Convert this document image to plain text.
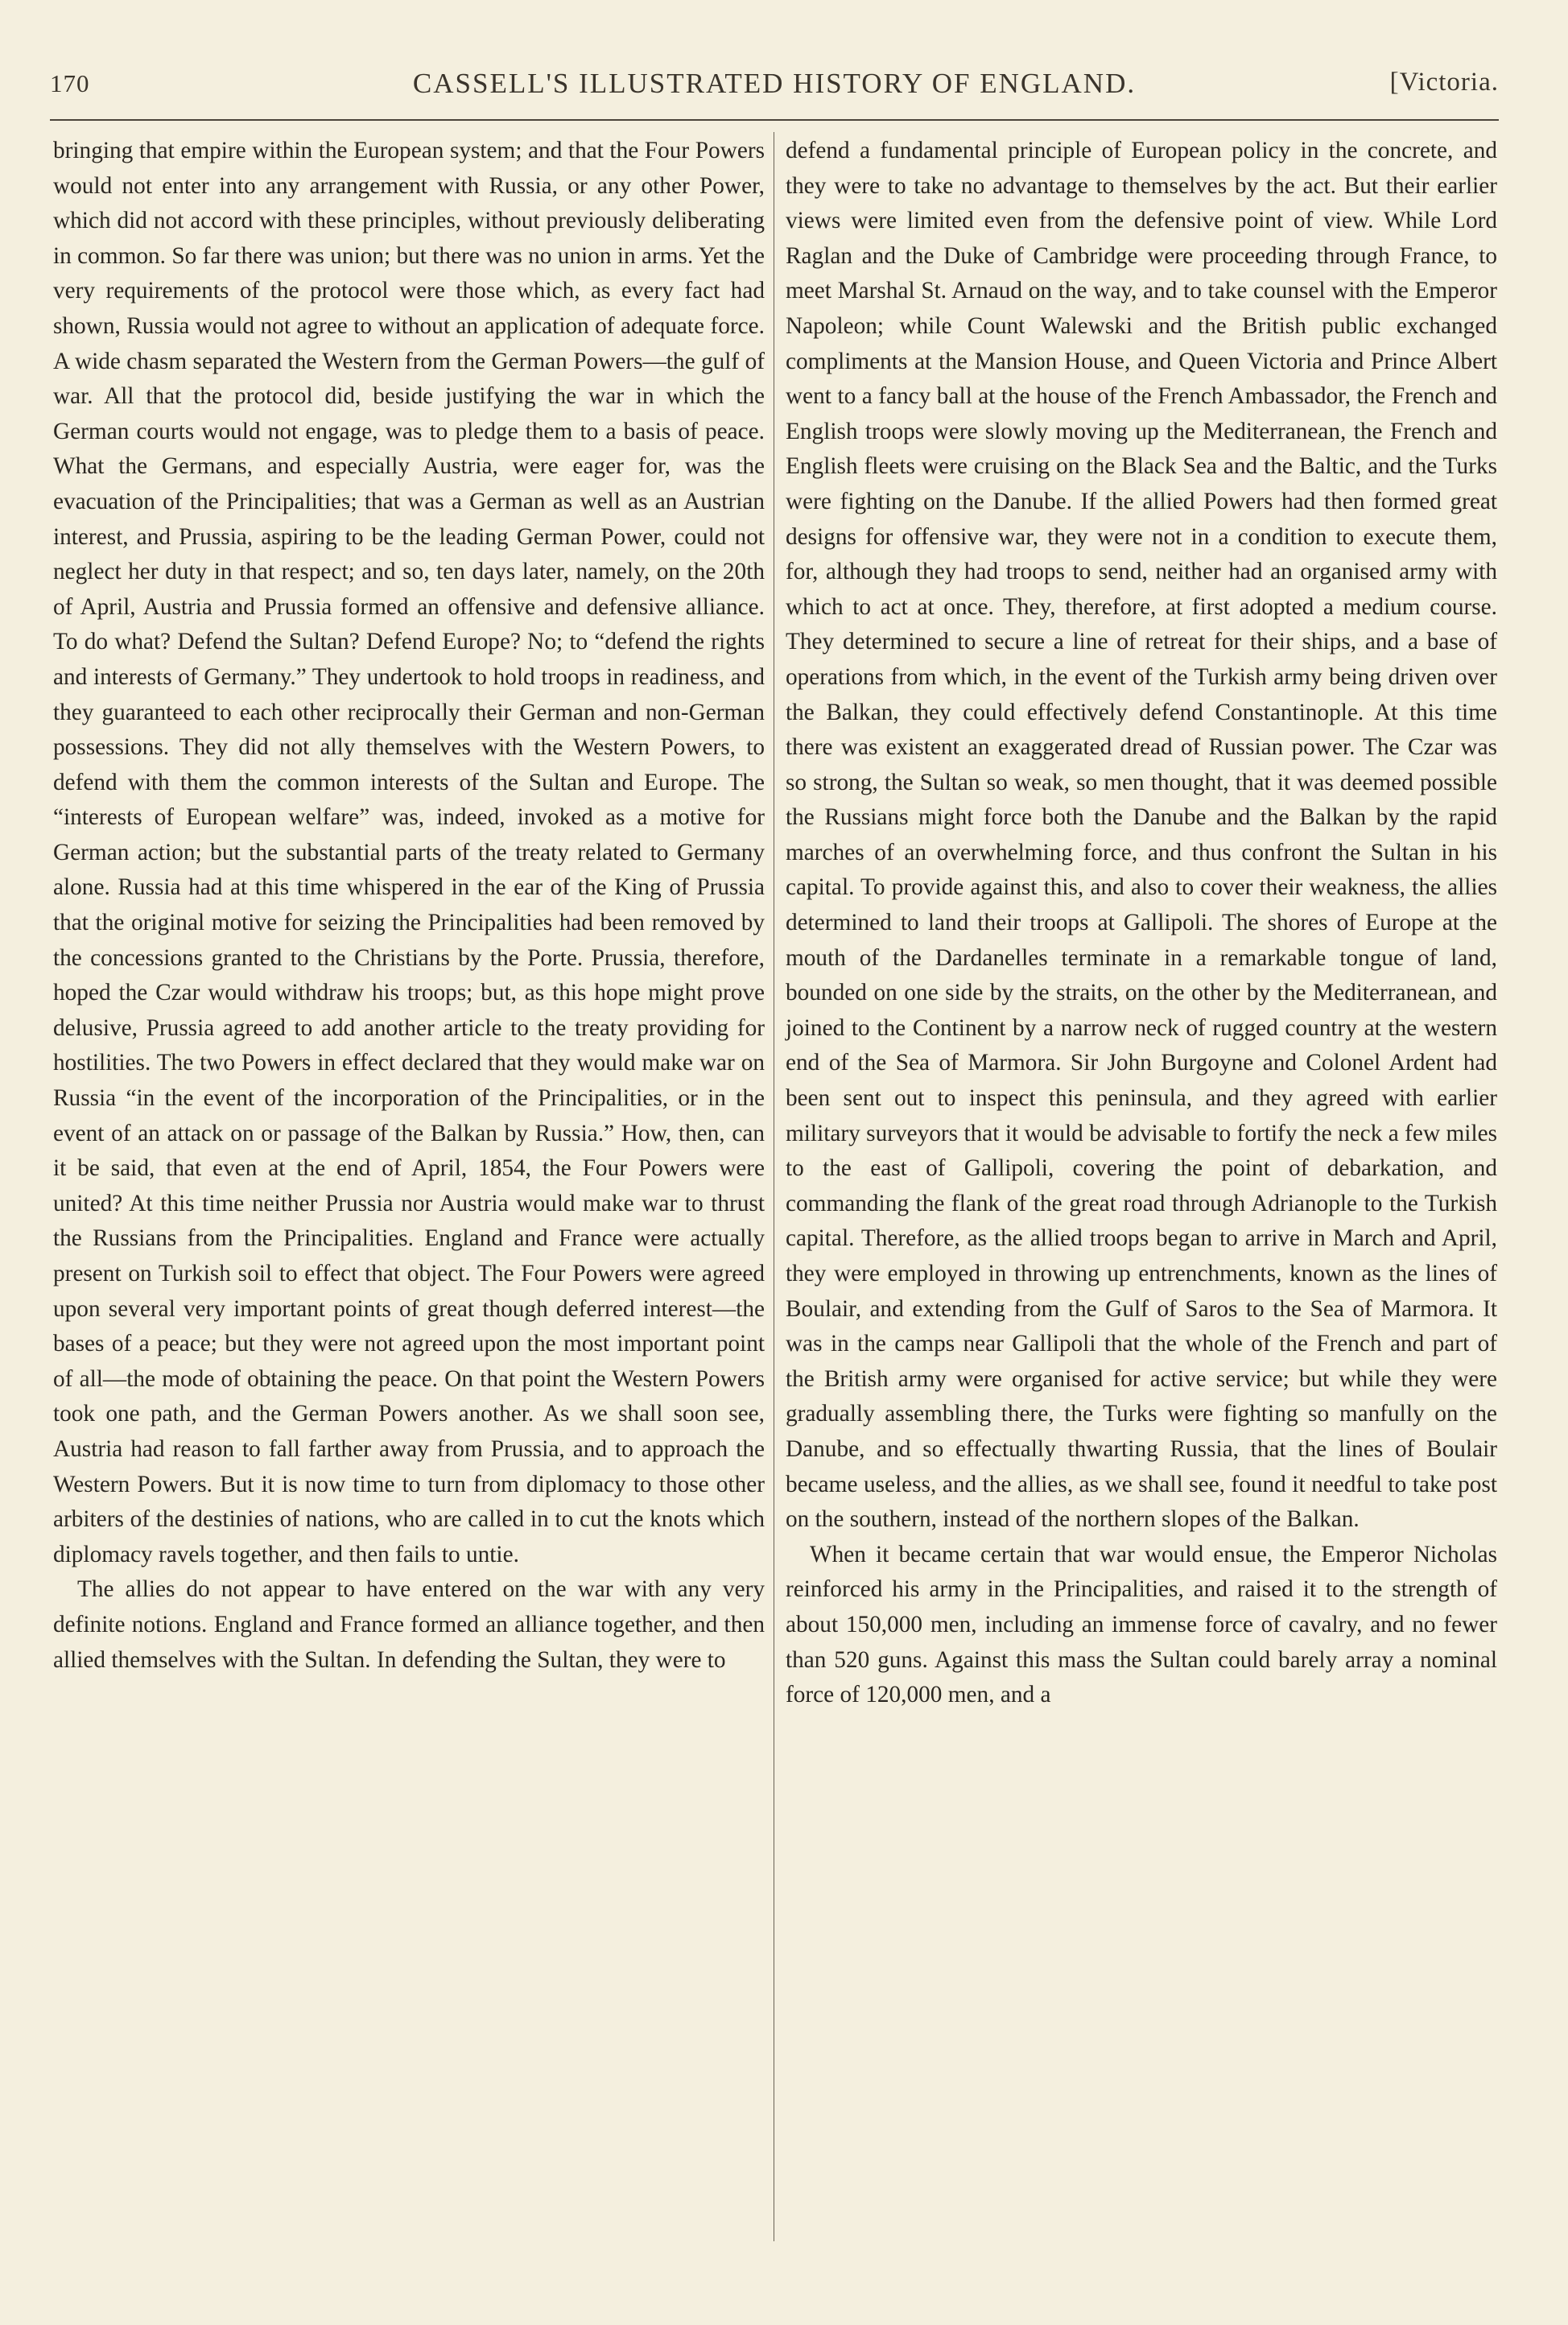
170	CASSELL'S ILLUSTRATED HISTORY OF ENGLAND.	[Victoria.

bringing that empire within the European system; and that the Four Powers would not enter into any arrangement with Russia, or any other Power, which did not accord with these principles, without previously deliberating in common. So far there was union; but there was no union in arms. Yet the very requirements of the protocol were those which, as every fact had shown, Russia would not agree to without an application of adequate force. A wide chasm separated the Western from the German Powers—the gulf of war. All that the protocol did, beside justifying the war in which the German courts would not engage, was to pledge them to a basis of peace. What the Germans, and especially Austria, were eager for, was the evacuation of the Principalities; that was a German as well as an Austrian interest, and Prussia, aspiring to be the leading German Power, could not neglect her duty in that respect; and so, ten days later, namely, on the 20th of April, Austria and Prussia formed an offensive and defensive alliance. To do what? Defend the Sultan? Defend Europe? No; to “defend the rights and interests of Germany.” They undertook to hold troops in readiness, and they guaranteed to each other reciprocally their German and non-German possessions. They did not ally themselves with the Western Powers, to defend with them the common interests of the Sultan and Europe. The “interests of European welfare” was, indeed, invoked as a motive for German action; but the substantial parts of the treaty related to Germany alone. Russia had at this time whispered in the ear of the King of Prussia that the original motive for seizing the Principalities had been removed by the concessions granted to the Christians by the Porte. Prussia, therefore, hoped the Czar would withdraw his troops; but, as this hope might prove delusive, Prussia agreed to add another article to the treaty providing for hostilities. The two Powers in effect declared that they would make war on Russia “in the event of the incorporation of the Principalities, or in the event of an attack on or passage of the Balkan by Russia.” How, then, can it be said, that even at the end of April, 1854, the Four Powers were united? At this time neither Prussia nor Austria would make war to thrust the Russians from the Principalities. England and France were actually present on Turkish soil to effect that object. The Four Powers were agreed upon several very important points of great though deferred interest—the bases of a peace; but they were not agreed upon the most important point of all—the mode of obtaining the peace. On that point the Western Powers took one path, and the German Powers another. As we shall soon see, Austria had reason to fall farther away from Prussia, and to approach the Western Powers. But it is now time to turn from diplomacy to those other arbiters of the destinies of nations, who are called in to cut the knots which diplomacy ravels together, and then fails to untie.

The allies do not appear to have entered on the war with any very definite notions. England and France formed an alliance together, and then allied themselves with the Sultan. In defending the Sultan, they were to

defend a fundamental principle of European policy in the concrete, and they were to take no advantage to themselves by the act. But their earlier views were limited even from the defensive point of view. While Lord Raglan and the Duke of Cambridge were proceeding through France, to meet Marshal St. Arnaud on the way, and to take counsel with the Emperor Napoleon; while Count Walewski and the British public exchanged compliments at the Mansion House, and Queen Victoria and Prince Albert went to a fancy ball at the house of the French Ambassador, the French and English troops were slowly moving up the Mediterranean, the French and English fleets were cruising on the Black Sea and the Baltic, and the Turks were fighting on the Danube. If the allied Powers had then formed great designs for offensive war, they were not in a condition to execute them, for, although they had troops to send, neither had an organised army with which to act at once. They, therefore, at first adopted a medium course. They determined to secure a line of retreat for their ships, and a base of operations from which, in the event of the Turkish army being driven over the Balkan, they could effectively defend Constantinople. At this time there was existent an exaggerated dread of Russian power. The Czar was so strong, the Sultan so weak, so men thought, that it was deemed possible the Russians might force both the Danube and the Balkan by the rapid marches of an overwhelming force, and thus confront the Sultan in his capital. To provide against this, and also to cover their weakness, the allies determined to land their troops at Gallipoli. The shores of Europe at the mouth of the Dardanelles terminate in a remarkable tongue of land, bounded on one side by the straits, on the other by the Mediterranean, and joined to the Continent by a narrow neck of rugged country at the western end of the Sea of Marmora. Sir John Burgoyne and Colonel Ardent had been sent out to inspect this peninsula, and they agreed with earlier military surveyors that it would be advisable to fortify the neck a few miles to the east of Gallipoli, covering the point of debarkation, and commanding the flank of the great road through Adrianople to the Turkish capital. Therefore, as the allied troops began to arrive in March and April, they were employed in throwing up entrenchments, known as the lines of Boulair, and extending from the Gulf of Saros to the Sea of Marmora. It was in the camps near Gallipoli that the whole of the French and part of the British army were organised for active service; but while they were gradually assembling there, the Turks were fighting so manfully on the Danube, and so effectually thwarting Russia, that the lines of Boulair became useless, and the allies, as we shall see, found it needful to take post on the southern, instead of the northern slopes of the Balkan.

When it became certain that war would ensue, the Emperor Nicholas reinforced his army in the Principalities, and raised it to the strength of about 150,000 men, including an immense force of cavalry, and no fewer than 520 guns. Against this mass the Sultan could barely array a nominal force of 120,000 men, and a
